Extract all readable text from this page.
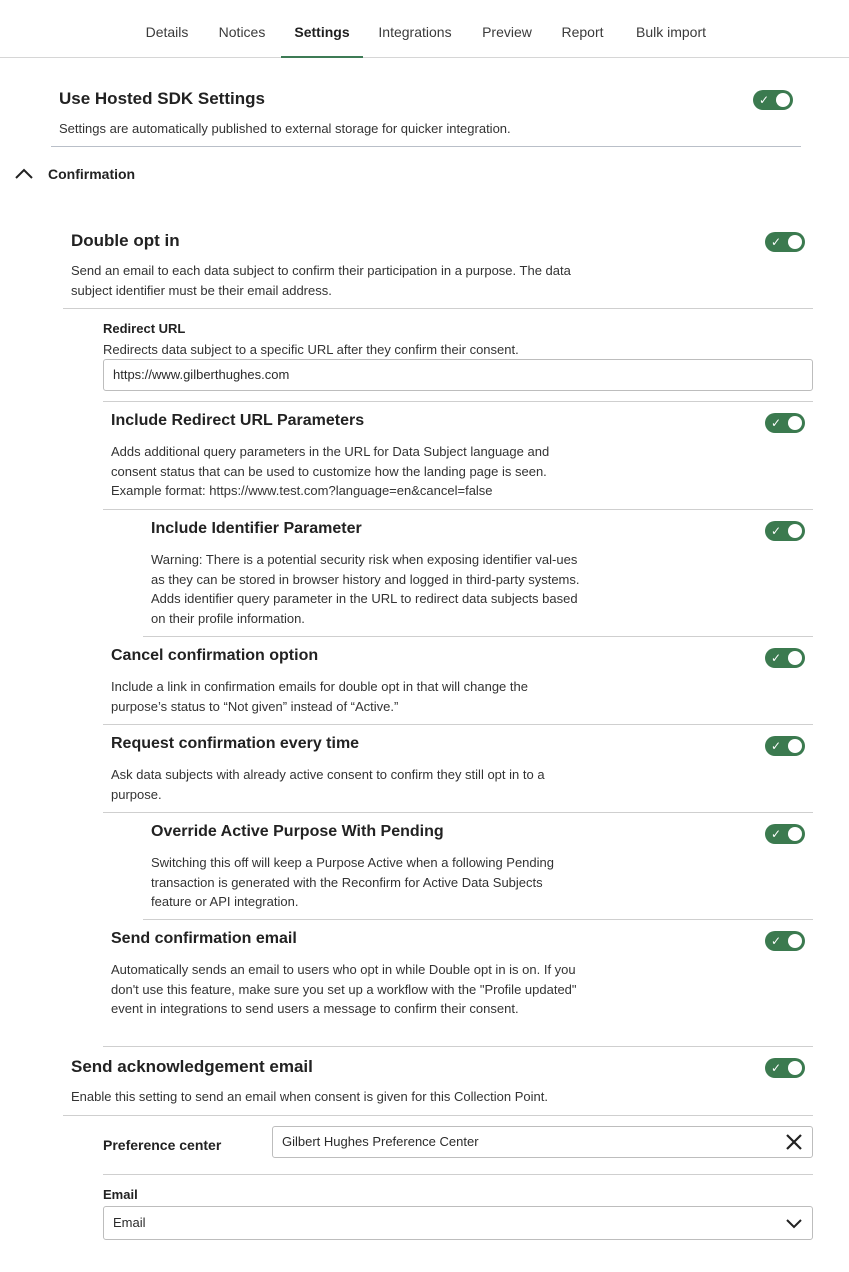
Details	Notices	Settings	Integrations	Preview	Report	Bulk import
Use Hosted SDK Settings	✓
Settings are automatically published to external storage for quicker integration.
Confirmation
Double opt in	✓
Send an email to each data subject to confirm their participation in a purpose. The data subject identifier must be their email address.
Redirect URL
Redirects data subject to a specific URL after they confirm their consent.
https://www.gilberthughes.com
Include Redirect URL Parameters	✓
Adds additional query parameters in the URL for Data Subject language and consent status that can be used to customize how the landing page is seen. Example format: https://www.test.com?language=en&cancel=false
Include Identifier Parameter	✓
Warning: There is a potential security risk when exposing identifier val-ues as they can be stored in browser history and logged in third-party systems. Adds identifier query parameter in the URL to redirect data subjects based on their profile information.
Cancel confirmation option	✓
Include a link in confirmation emails for double opt in that will change the purpose’s status to “Not given” instead of “Active.”
Request confirmation every time	✓
Ask data subjects with already active consent to confirm they still opt in to a purpose.
Override Active Purpose With Pending	✓
Switching this off will keep a Purpose Active when a following Pending transaction is generated with the Reconfirm for Active Data Subjects feature or API integration.
Send confirmation email	✓
Automatically sends an email to users who opt in while Double opt in is on. If you don't use this feature, make sure you set up a workflow with the "Profile updated" event in integrations to send users a message to confirm their consent.
Send acknowledgement email	✓
Enable this setting to send an email when consent is given for this Collection Point.
Preference center	Gilbert Hughes Preference Center
Email
Email
